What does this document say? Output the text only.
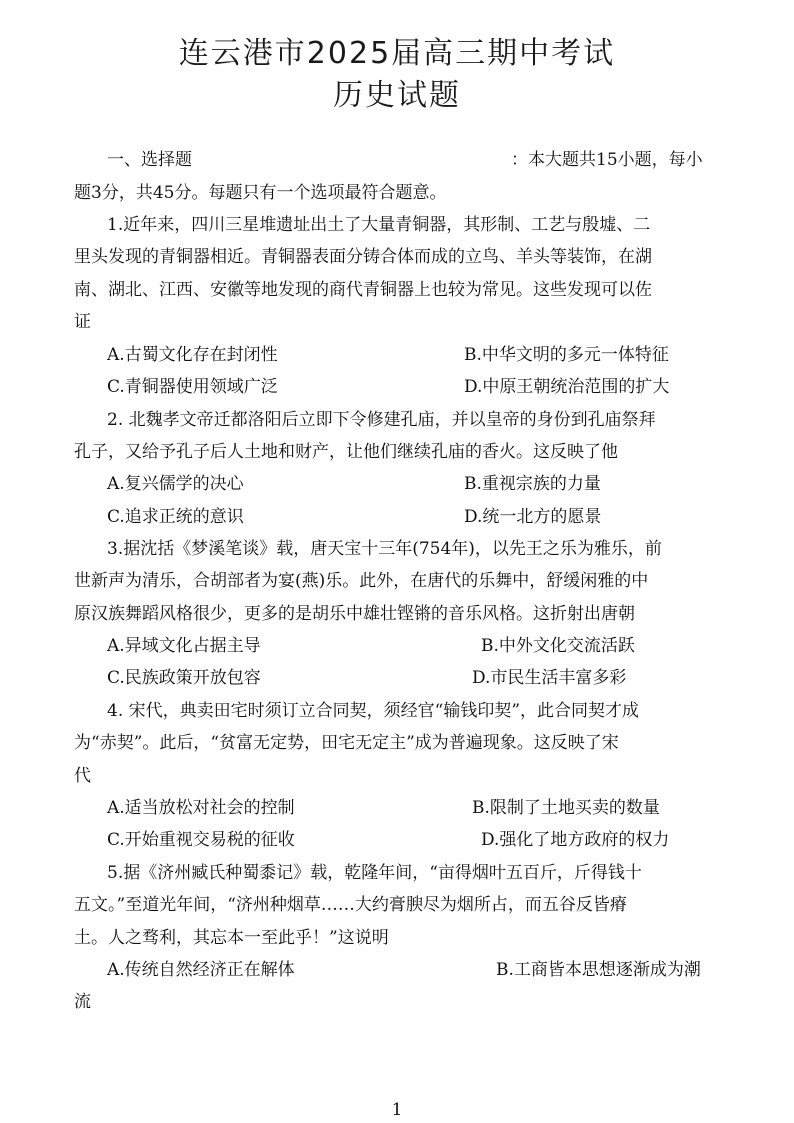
连云港市2025届高三期中考试
历史试题
一、选择题	：本大题共15小题，每小
题3分，共45分。每题只有一个选项最符合题意。
1.近年来，四川三星堆遗址出土了大量青铜器，其形制、工艺与殷墟、二
里头发现的青铜器相近。青铜器表面分铸合体而成的立鸟、羊头等装饰，在湖
南、湖北、江西、安徽等地发现的商代青铜器上也较为常见。这些发现可以佐
证
A.古蜀文化存在封闭性	B.中华文明的多元一体特征
C.青铜器使用领域广泛	D.中原王朝统治范围的扩大
2. 北魏孝文帝迁都洛阳后立即下令修建孔庙，并以皇帝的身份到孔庙祭拜
孔子，又给予孔子后人土地和财产，让他们继续孔庙的香火。这反映了他
A.复兴儒学的决心	B.重视宗族的力量
C.追求正统的意识	D.统一北方的愿景
3.据沈括《梦溪笔谈》载，唐天宝十三年(754年)，以先王之乐为雅乐，前
世新声为清乐，合胡部者为宴(燕)乐。此外，在唐代的乐舞中，舒缓闲雅的中
原汉族舞蹈风格很少，更多的是胡乐中雄壮铿锵的音乐风格。这折射出唐朝
A.异域文化占据主导	B.中外文化交流活跃
C.民族政策开放包容	D.市民生活丰富多彩
4. 宋代，典卖田宅时须订立合同契，须经官“输钱印契”，此合同契才成
为“赤契”。此后，“贫富无定势，田宅无定主”成为普遍现象。这反映了宋
代
A.适当放松对社会的控制	B.限制了土地买卖的数量
C.开始重视交易税的征收	D.强化了地方政府的权力
5.据《济州臧氏种蜀黍记》载，乾隆年间，“亩得烟叶五百斤，斤得钱十
五文。”至道光年间，“济州种烟草……大约膏腴尽为烟所占，而五谷反皆瘠
土。人之骛利，其忘本一至此乎！”这说明
A.传统自然经济正在解体	B.工商皆本思想逐渐成为潮
流
1
